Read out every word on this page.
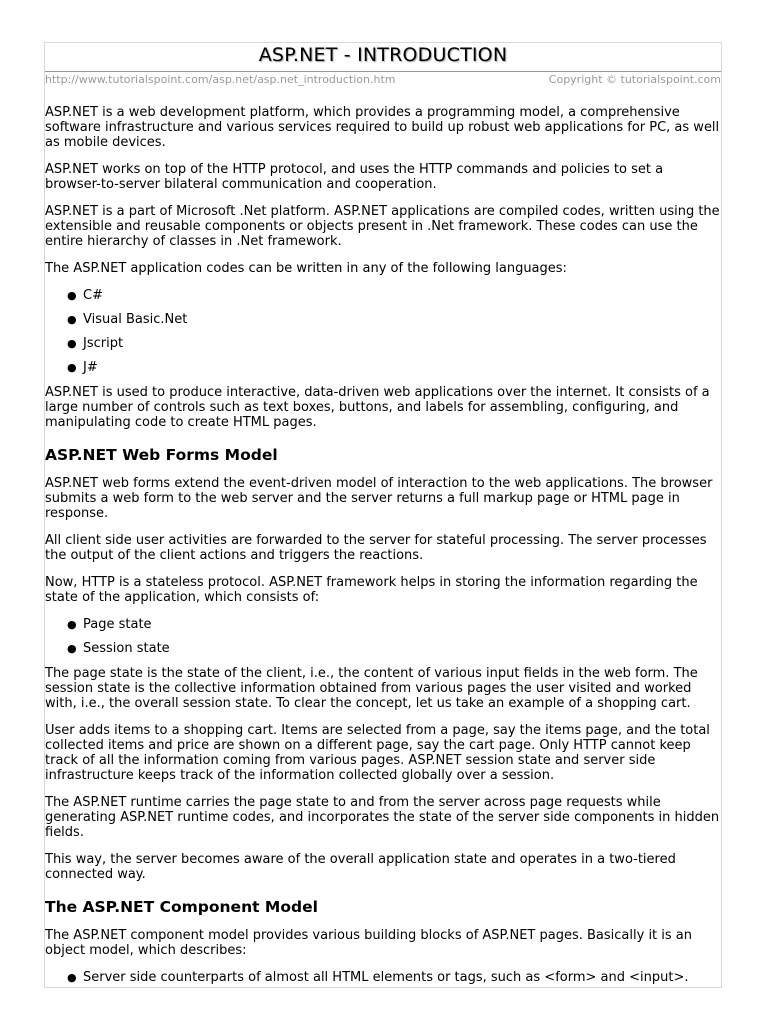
ASP.NET - INTRODUCTION
http://www.tutorialspoint.com/asp.net/asp.net_introduction.htm	Copyright © tutorialspoint.com

ASP.NET is a web development platform, which provides a programming model, a comprehensive software infrastructure and various services required to build up robust web applications for PC, as well as mobile devices.

ASP.NET works on top of the HTTP protocol, and uses the HTTP commands and policies to set a browser-to-server bilateral communication and cooperation.

ASP.NET is a part of Microsoft .Net platform. ASP.NET applications are compiled codes, written using the extensible and reusable components or objects present in .Net framework. These codes can use the entire hierarchy of classes in .Net framework.

The ASP.NET application codes can be written in any of the following languages:

● C#
● Visual Basic.Net
● Jscript
● J#

ASP.NET is used to produce interactive, data-driven web applications over the internet. It consists of a large number of controls such as text boxes, buttons, and labels for assembling, configuring, and manipulating code to create HTML pages.

ASP.NET Web Forms Model

ASP.NET web forms extend the event-driven model of interaction to the web applications. The browser submits a web form to the web server and the server returns a full markup page or HTML page in response.

All client side user activities are forwarded to the server for stateful processing. The server processes the output of the client actions and triggers the reactions.

Now, HTTP is a stateless protocol. ASP.NET framework helps in storing the information regarding the state of the application, which consists of:

● Page state
● Session state

The page state is the state of the client, i.e., the content of various input fields in the web form. The session state is the collective information obtained from various pages the user visited and worked with, i.e., the overall session state. To clear the concept, let us take an example of a shopping cart.

User adds items to a shopping cart. Items are selected from a page, say the items page, and the total collected items and price are shown on a different page, say the cart page. Only HTTP cannot keep track of all the information coming from various pages. ASP.NET session state and server side infrastructure keeps track of the information collected globally over a session.

The ASP.NET runtime carries the page state to and from the server across page requests while generating ASP.NET runtime codes, and incorporates the state of the server side components in hidden fields.

This way, the server becomes aware of the overall application state and operates in a two-tiered connected way.

The ASP.NET Component Model

The ASP.NET component model provides various building blocks of ASP.NET pages. Basically it is an object model, which describes:

● Server side counterparts of almost all HTML elements or tags, such as <form> and <input>.
